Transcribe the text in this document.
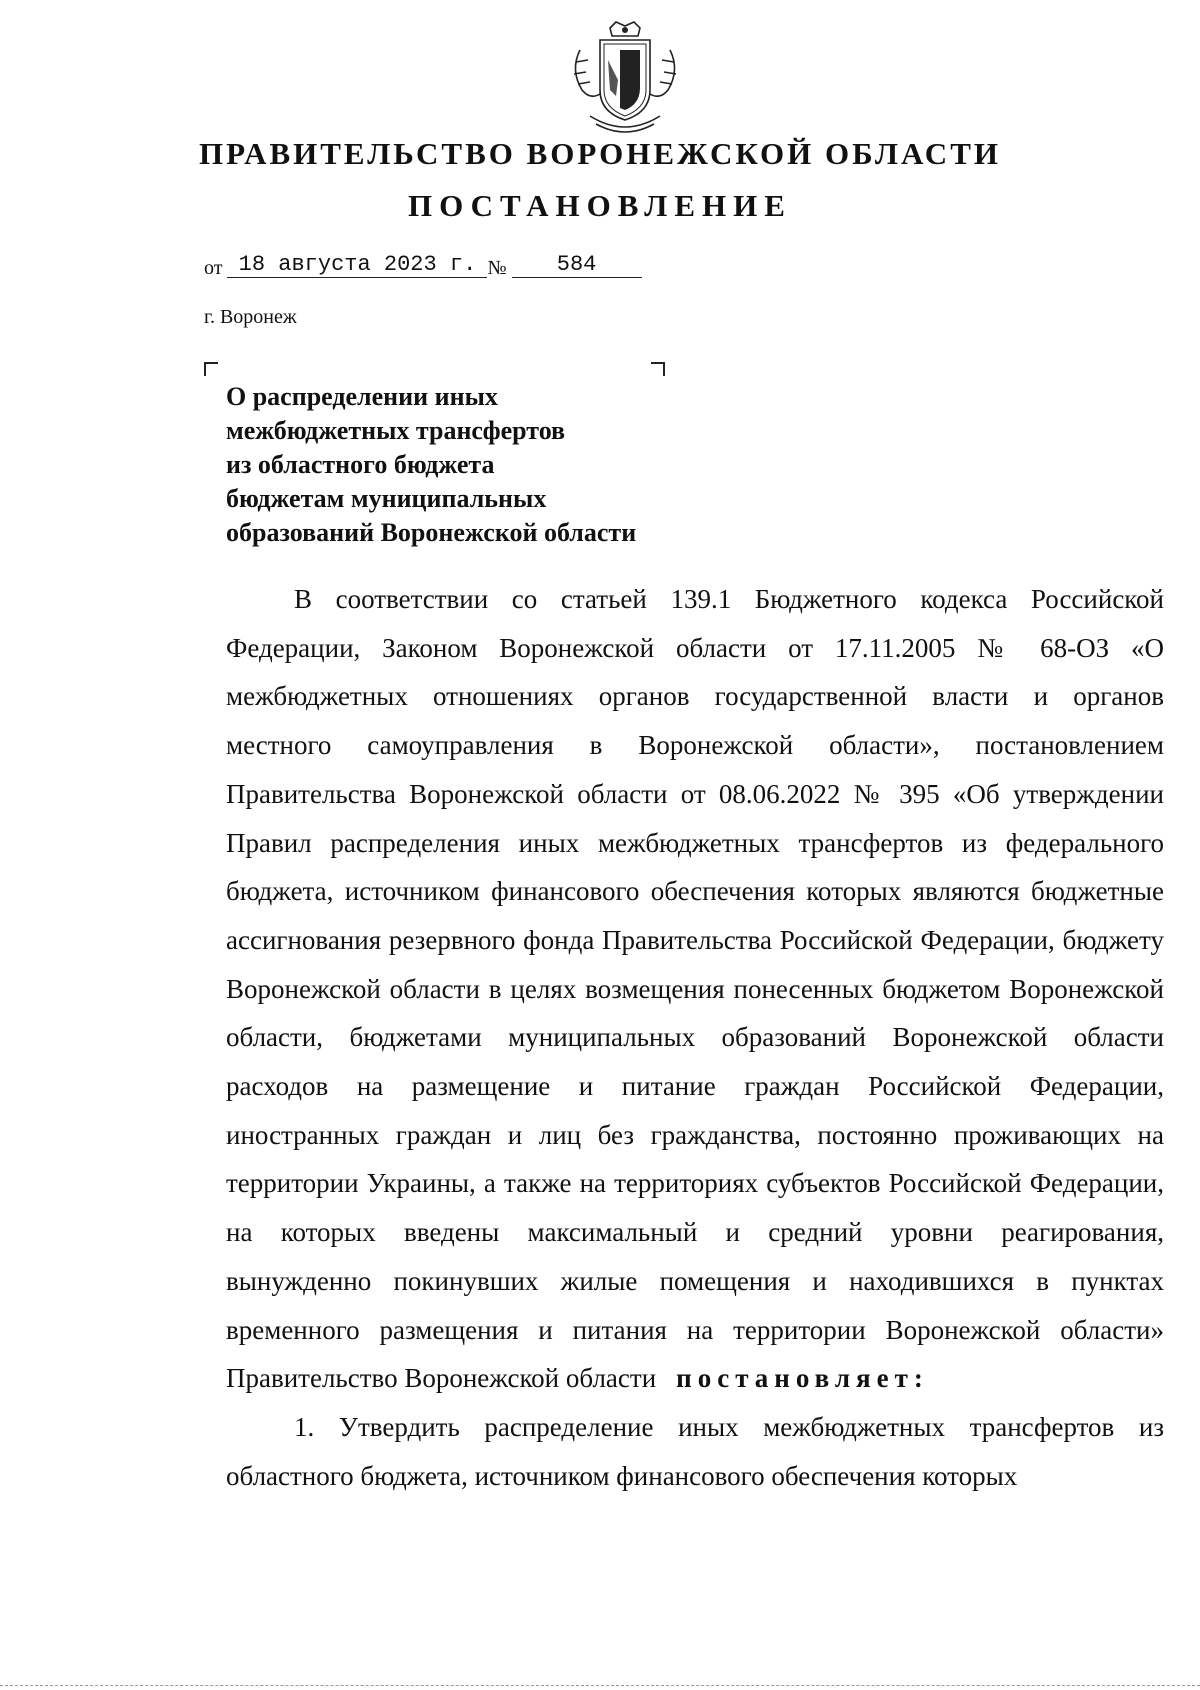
ПРАВИТЕЛЬСТВО ВОРОНЕЖСКОЙ ОБЛАСТИ
ПОСТАНОВЛЕНИЕ
от 18 августа 2023 г. № 584
г. Воронеж
О распределении иных
межбюджетных трансфертов
из областного бюджета
бюджетам муниципальных
образований Воронежской области

В соответствии со статьей 139.1 Бюджетного кодекса Российской Федерации, Законом Воронежской области от 17.11.2005 № 68-ОЗ «О межбюджетных отношениях органов государственной власти и органов местного самоуправления в Воронежской области», постановлением Правительства Воронежской области от 08.06.2022 № 395 «Об утверждении Правил распределения иных межбюджетных трансфертов из федерального бюджета, источником финансового обеспечения которых являются бюджетные ассигнования резервного фонда Правительства Российской Федерации, бюджету Воронежской области в целях возмещения понесенных бюджетом Воронежской области, бюджетами муниципальных образований Воронежской области расходов на размещение и питание граждан Российской Федерации, иностранных граждан и лиц без гражданства, постоянно проживающих на территории Украины, а также на территориях субъектов Российской Федерации, на которых введены максимальный и средний уровни реагирования, вынужденно покинувших жилые помещения и находившихся в пунктах временного размещения и питания на территории Воронежской области» Правительство Воронежской области постановляет:

1. Утвердить распределение иных межбюджетных трансфертов из областного бюджета, источником финансового обеспечения которых
